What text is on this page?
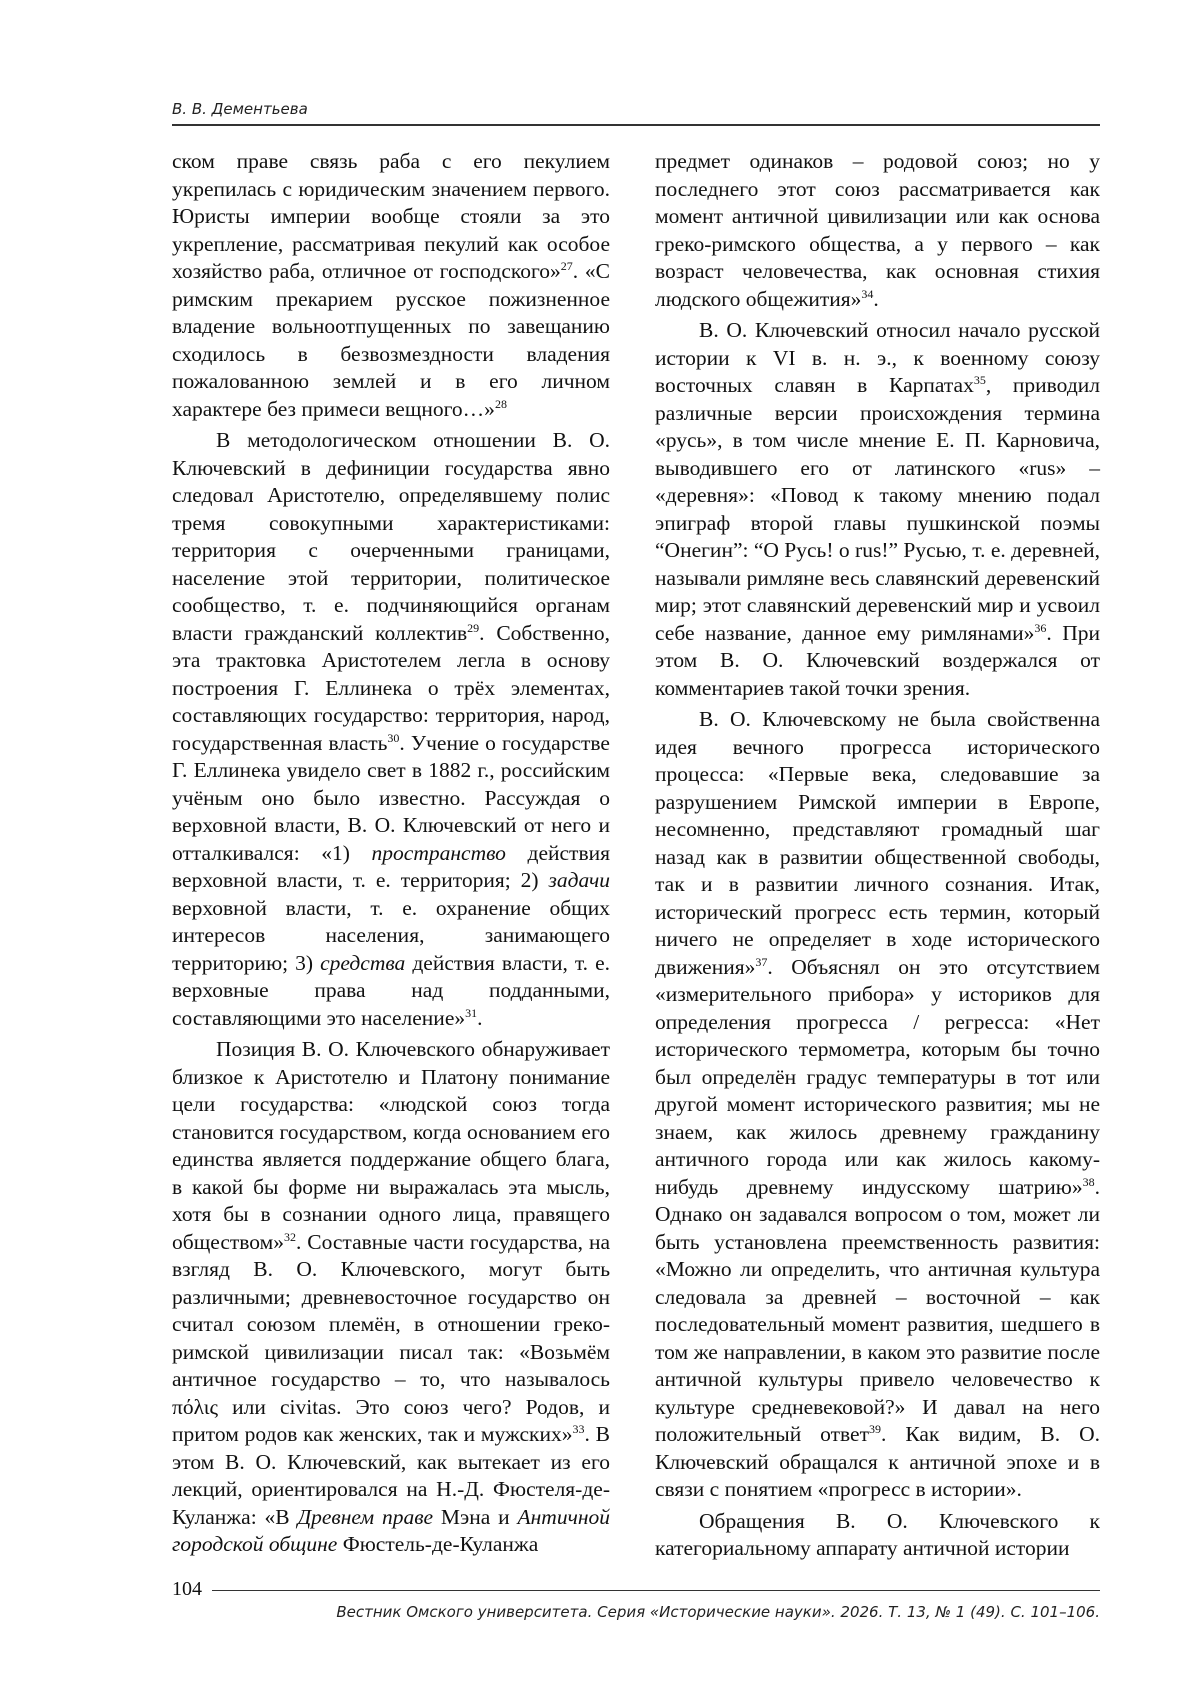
В. В. Дементьева

ском праве связь раба с его пекулием укрепилась с юридическим значением первого. Юристы империи вообще стояли за это укрепление, рассматривая пекулий как особое хозяйство раба, отличное от господского»$^{27}$. «С римским прекарием русское пожизненное владение вольноотпущенных по завещанию сходилось в безвозмездности владения пожалованною землей и в его личном характере без примеси вещного…»$^{28}$

В методологическом отношении В. О. Ключевский в дефиниции государства явно следовал Аристотелю, определявшему полис тремя совокупными характеристиками: территория с очерченными границами, население этой территории, политическое сообщество, т. е. подчиняющийся органам власти гражданский коллектив$^{29}$. Собственно, эта трактовка Аристотелем легла в основу построения Г. Еллинека о трёх элементах, составляющих государство: территория, народ, государственная власть$^{30}$. Учение о государстве Г. Еллинека увидело свет в 1882 г., российским учёным оно было известно. Рассуждая о верховной власти, В. О. Ключевский от него и отталкивался: «1) пространство действия верховной власти, т. е. территория; 2) задачи верховной власти, т. е. охранение общих интересов населения, занимающего территорию; 3) средства действия власти, т. е. верховные права над подданными, составляющими это население»$^{31}$.

Позиция В. О. Ключевского обнаруживает близкое к Аристотелю и Платону понимание цели государства: «людской союз тогда становится государством, когда основанием его единства является поддержание общего блага, в какой бы форме ни выражалась эта мысль, хотя бы в сознании одного лица, правящего обществом»$^{32}$. Составные части государства, на взгляд В. О. Ключевского, могут быть различными; древневосточное государство он считал союзом племён, в отношении греко-римской цивилизации писал так: «Возьмём античное государство – то, что называлось πόλις или civitas. Это союз чего? Родов, и притом родов как женских, так и мужских»$^{33}$. В этом В. О. Ключевский, как вытекает из его лекций, ориентировался на Н.-Д. Фюстеля-де-Куланжа: «В Древнем праве Мэна и Античной городской общине Фюстель-де-Куланжа

предмет одинаков – родовой союз; но у последнего этот союз рассматривается как момент античной цивилизации или как основа греко-римского общества, а у первого – как возраст человечества, как основная стихия людского общежития»$^{34}$.

В. О. Ключевский относил начало русской истории к VI в. н. э., к военному союзу восточных славян в Карпатах$^{35}$, приводил различные версии происхождения термина «русь», в том числе мнение Е. П. Карновича, выводившего его от латинского «rus» – «деревня»: «Повод к такому мнению подал эпиграф второй главы пушкинской поэмы “Онегин”: “O Русь! o rus!” Русью, т. е. деревней, называли римляне весь славянский деревенский мир; этот славянский деревенский мир и усвоил себе название, данное ему римлянами»$^{36}$. При этом В. О. Ключевский воздержался от комментариев такой точки зрения.

В. О. Ключевскому не была свойственна идея вечного прогресса исторического процесса: «Первые века, следовавшие за разрушением Римской империи в Европе, несомненно, представляют громадный шаг назад как в развитии общественной свободы, так и в развитии личного сознания. Итак, исторический прогресс есть термин, который ничего не определяет в ходе исторического движения»$^{37}$. Объяснял он это отсутствием «измерительного прибора» у историков для определения прогресса / регресса: «Нет исторического термометра, которым бы точно был определён градус температуры в тот или другой момент исторического развития; мы не знаем, как жилось древнему гражданину античного города или как жилось какому-нибудь древнему индусскому шатрию»$^{38}$. Однако он задавался вопросом о том, может ли быть установлена преемственность развития: «Можно ли определить, что античная культура следовала за древней – восточной – как последовательный момент развития, шедшего в том же направлении, в каком это развитие после античной культуры привело человечество к культуре средневековой?» И давал на него положительный ответ$^{39}$. Как видим, В. О. Ключевский обращался к античной эпохе и в связи с понятием «прогресс в истории».

Обращения В. О. Ключевского к категориальному аппарату античной истории

104
Вестник Омского университета. Серия «Исторические науки». 2026. Т. 13, № 1 (49). С. 101–106.
